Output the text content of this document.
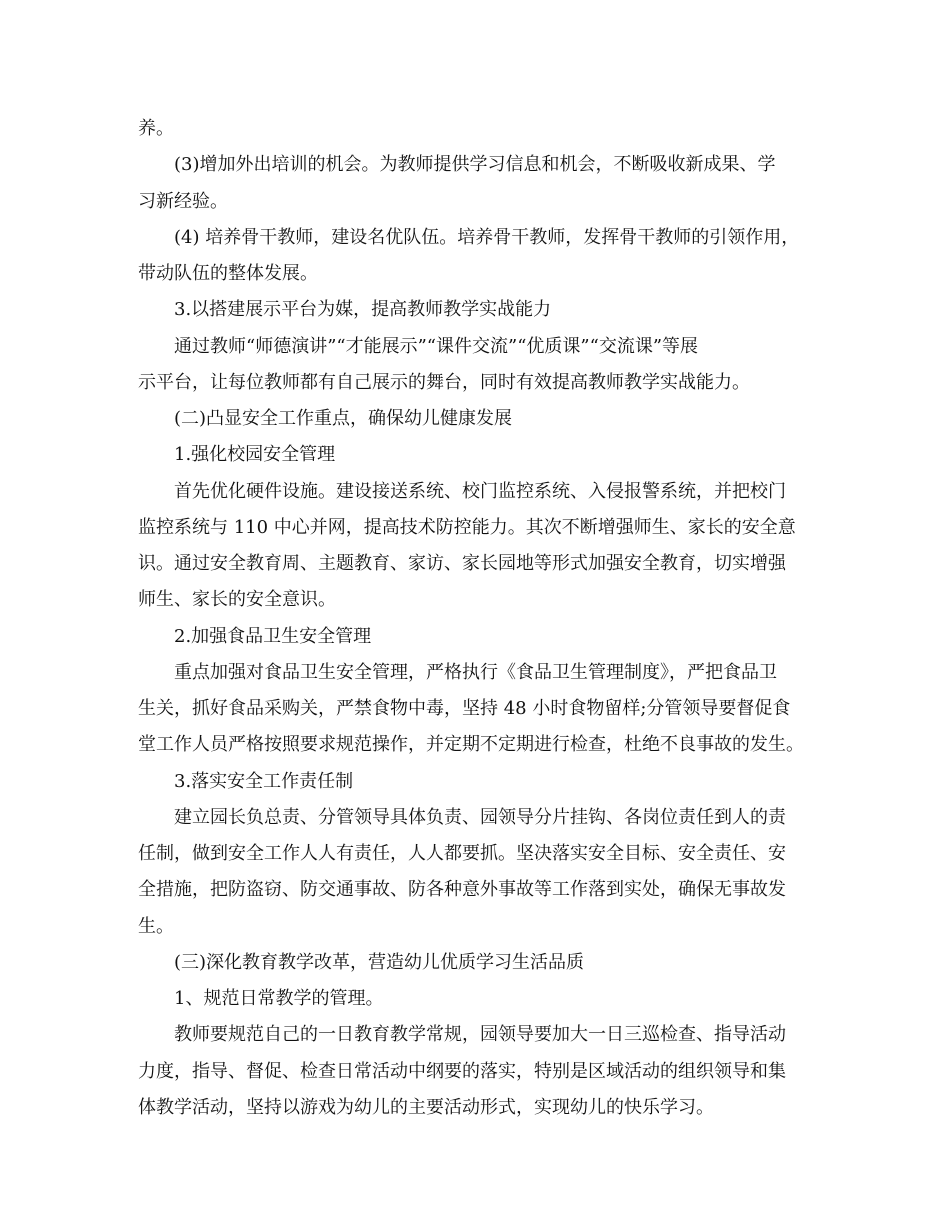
养。
(3)增加外出培训的机会。为教师提供学习信息和机会，不断吸收新成果、学
习新经验。
(4) 培养骨干教师，建设名优队伍。培养骨干教师，发挥骨干教师的引领作用，
带动队伍的整体发展。
3.以搭建展示平台为媒，提高教师教学实战能力
通过教师“师德演讲”“才能展示”“课件交流”“优质课”“交流课”等展
示平台，让每位教师都有自己展示的舞台，同时有效提高教师教学实战能力。
(二)凸显安全工作重点，确保幼儿健康发展
1.强化校园安全管理
首先优化硬件设施。建设接送系统、校门监控系统、入侵报警系统，并把校门
监控系统与 110 中心并网，提高技术防控能力。其次不断增强师生、家长的安全意
识。通过安全教育周、主题教育、家访、家长园地等形式加强安全教育，切实增强
师生、家长的安全意识。
2.加强食品卫生安全管理
重点加强对食品卫生安全管理，严格执行《食品卫生管理制度》，严把食品卫
生关，抓好食品采购关，严禁食物中毒，坚持 48 小时食物留样;分管领导要督促食
堂工作人员严格按照要求规范操作，并定期不定期进行检查，杜绝不良事故的发生。
3.落实安全工作责任制
建立园长负总责、分管领导具体负责、园领导分片挂钩、各岗位责任到人的责
任制，做到安全工作人人有责任，人人都要抓。坚决落实安全目标、安全责任、安
全措施，把防盗窃、防交通事故、防各种意外事故等工作落到实处，确保无事故发
生。
(三)深化教育教学改革，营造幼儿优质学习生活品质
1、规范日常教学的管理。
教师要规范自己的一日教育教学常规，园领导要加大一日三巡检查、指导活动
力度，指导、督促、检查日常活动中纲要的落实，特别是区域活动的组织领导和集
体教学活动，坚持以游戏为幼儿的主要活动形式，实现幼儿的快乐学习。
